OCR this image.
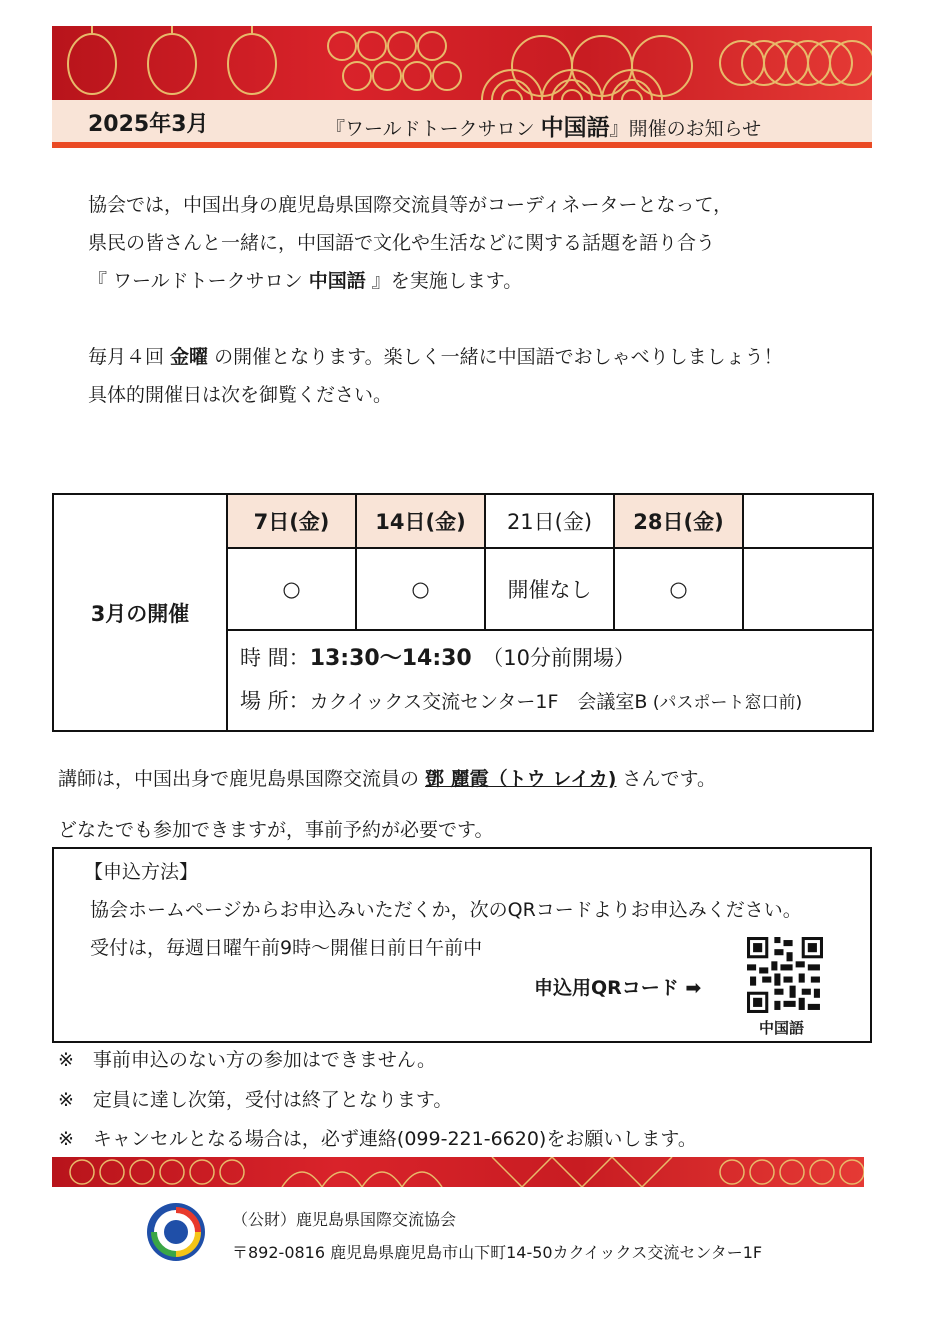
2025年3月	『ワールドトークサロン 中国語』開催のお知らせ
協会では，中国出身の鹿児島県国際交流員等がコーディネーターとなって，
県民の皆さんと一緒に，中国語で文化や生活などに関する話題を語り合う
『 ワールドトークサロン 中国語 』を実施します。
毎月４回 金曜 の開催となります。楽しく一緒に中国語でおしゃべりしましょう！
具体的開催日は次を御覧ください。
3月の開催	7日(金)	14日(金)	21日(金)	28日(金)	
	○	○	開催なし	○	

	時 間：13:30～14:30　（10分前開場）
場 所：カクイックス交流センター1F　会議室B (パスポート窓口前)				
講師は，中国出身で鹿児島県国際交流員の 鄧 麗霞（トウ レイカ) さんです。
どなたでも参加できますが，事前予約が必要です。
【申込方法】
協会ホームページからお申込みいただくか，次のQRコードよりお申込みください。
受付は，毎週日曜午前9時～開催日前日午前中
申込用QRコード ➡
中国語
※　事前申込のない方の参加はできません。
※　定員に達し次第，受付は終了となります。
※　キャンセルとなる場合は，必ず連絡(099-221-6620)をお願いします。
（公財）鹿児島県国際交流協会
〒892-0816 鹿児島県鹿児島市山下町14-50カクイックス交流センター1F
